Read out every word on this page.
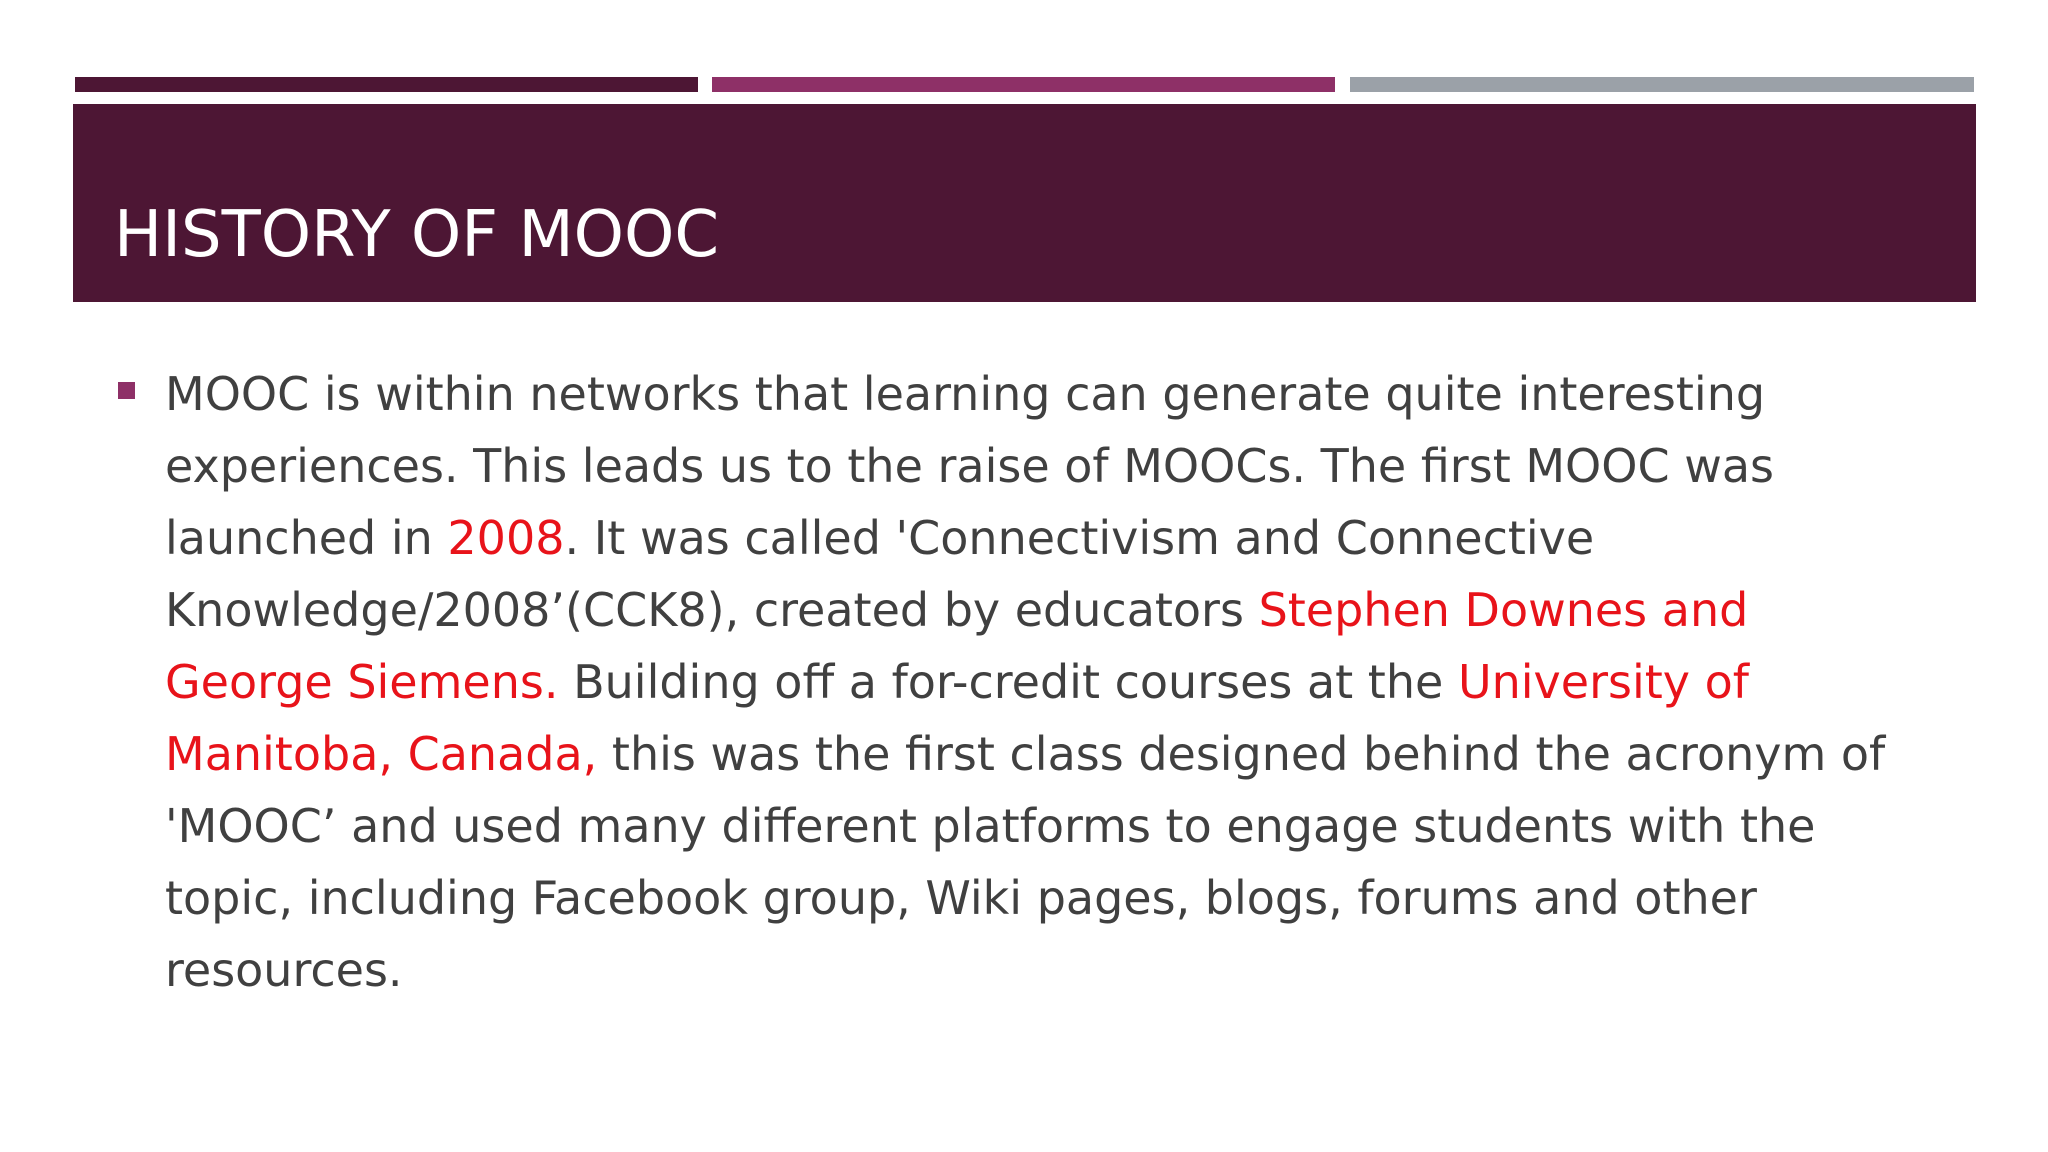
HISTORY OF MOOC

MOOC is within networks that learning can generate quite interesting
experiences. This leads us to the raise of MOOCs. The first MOOC was
launched in 2008. It was called 'Connectivism and Connective
Knowledge/2008’(CCK8), created by educators Stephen Downes and
George Siemens. Building off a for-credit courses at the University of
Manitoba, Canada, this was the first class designed behind the acronym of
'MOOC’ and used many different platforms to engage students with the
topic, including Facebook group, Wiki pages, blogs, forums and other
resources.
